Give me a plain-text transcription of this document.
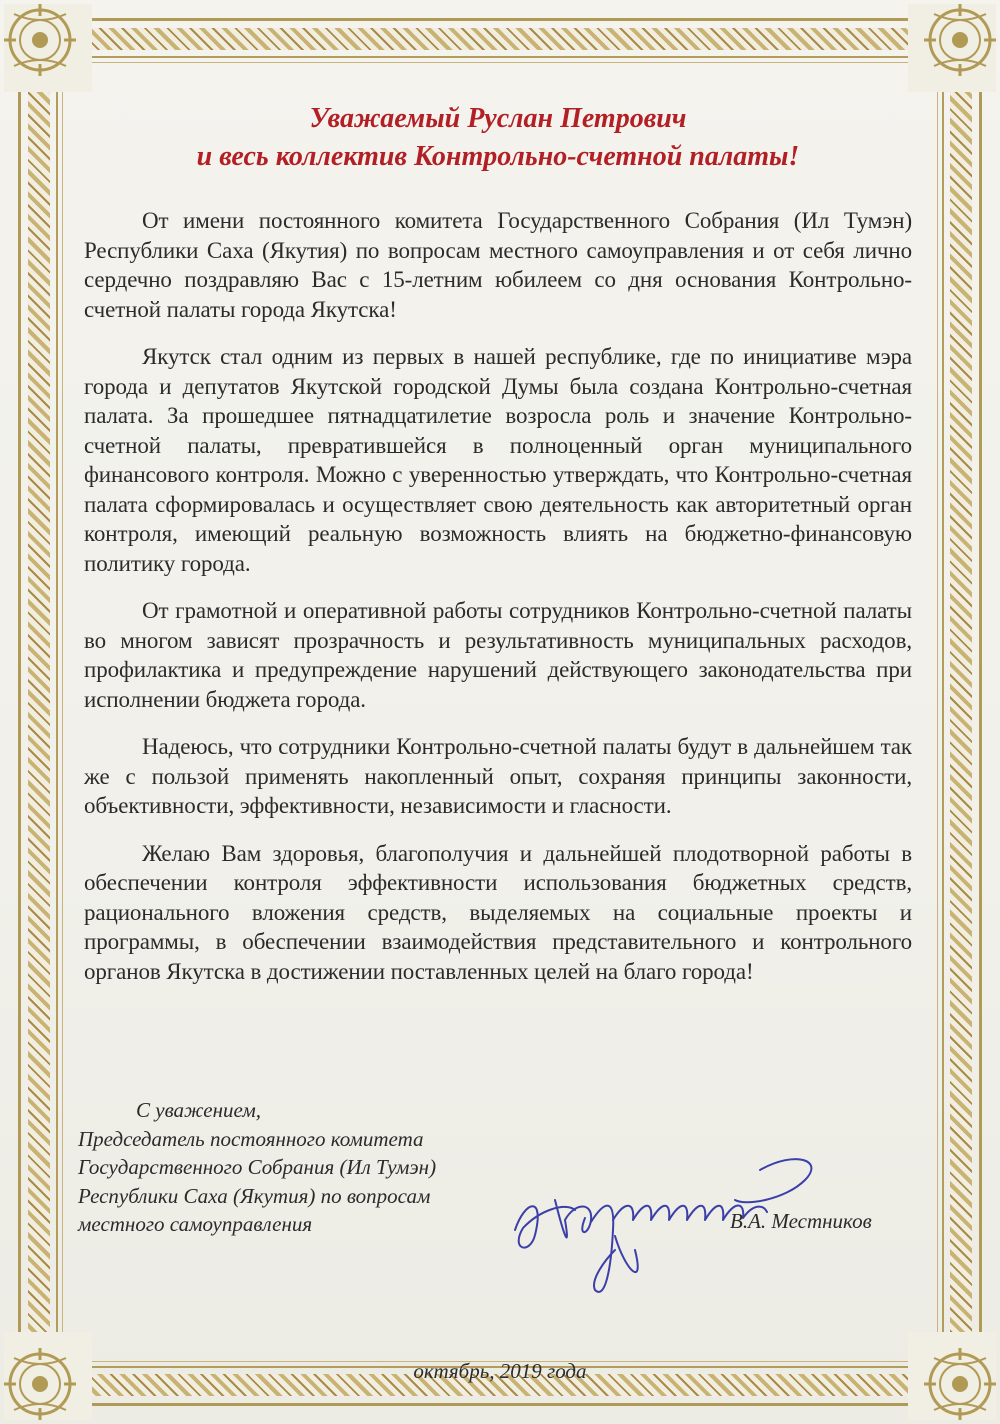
Уважаемый Руслан Петрович

и весь коллектив Контрольно-счетной палаты!

От имени постоянного комитета Государственного Собрания (Ил Тумэн) Республики Саха (Якутия) по вопросам местного самоуправления и от себя лично сердечно поздравляю Вас с 15-летним юбилеем со дня основания Контрольно-счетной палаты города Якутска!

Якутск стал одним из первых в нашей республике, где по инициативе мэра города и депутатов Якутской городской Думы была создана Контрольно-счетная палата. За прошедшее пятнадцатилетие возросла роль и значение Контрольно-счетной палаты, превратившейся в полноценный орган муниципального финансового контроля. Можно с уверенностью утверждать, что Контрольно-счетная палата сформировалась и осуществляет свою деятельность как авторитетный орган контроля, имеющий реальную возможность влиять на бюджетно-финансовую политику города.

От грамотной и оперативной работы сотрудников Контрольно-счетной палаты во многом зависят прозрачность и результативность муниципальных расходов, профилактика и предупреждение нарушений действующего законодательства при исполнении бюджета города.

Надеюсь, что сотрудники Контрольно-счетной палаты будут в дальнейшем так же с пользой применять накопленный опыт, сохраняя принципы законности, объективности, эффективности, независимости и гласности.

Желаю Вам здоровья, благополучия и дальнейшей плодотворной работы в обеспечении контроля эффективности использования бюджетных средств, рационального вложения средств, выделяемых на социальные проекты и программы, в обеспечении взаимодействия представительного и контрольного органов Якутска в достижении поставленных целей на благо города!

С уважением,
Председатель постоянного комитета
Государственного Собрания (Ил Тумэн)
Республики Саха (Якутия) по вопросам
местного самоуправления	В.А. Местников
октябрь, 2019 года
